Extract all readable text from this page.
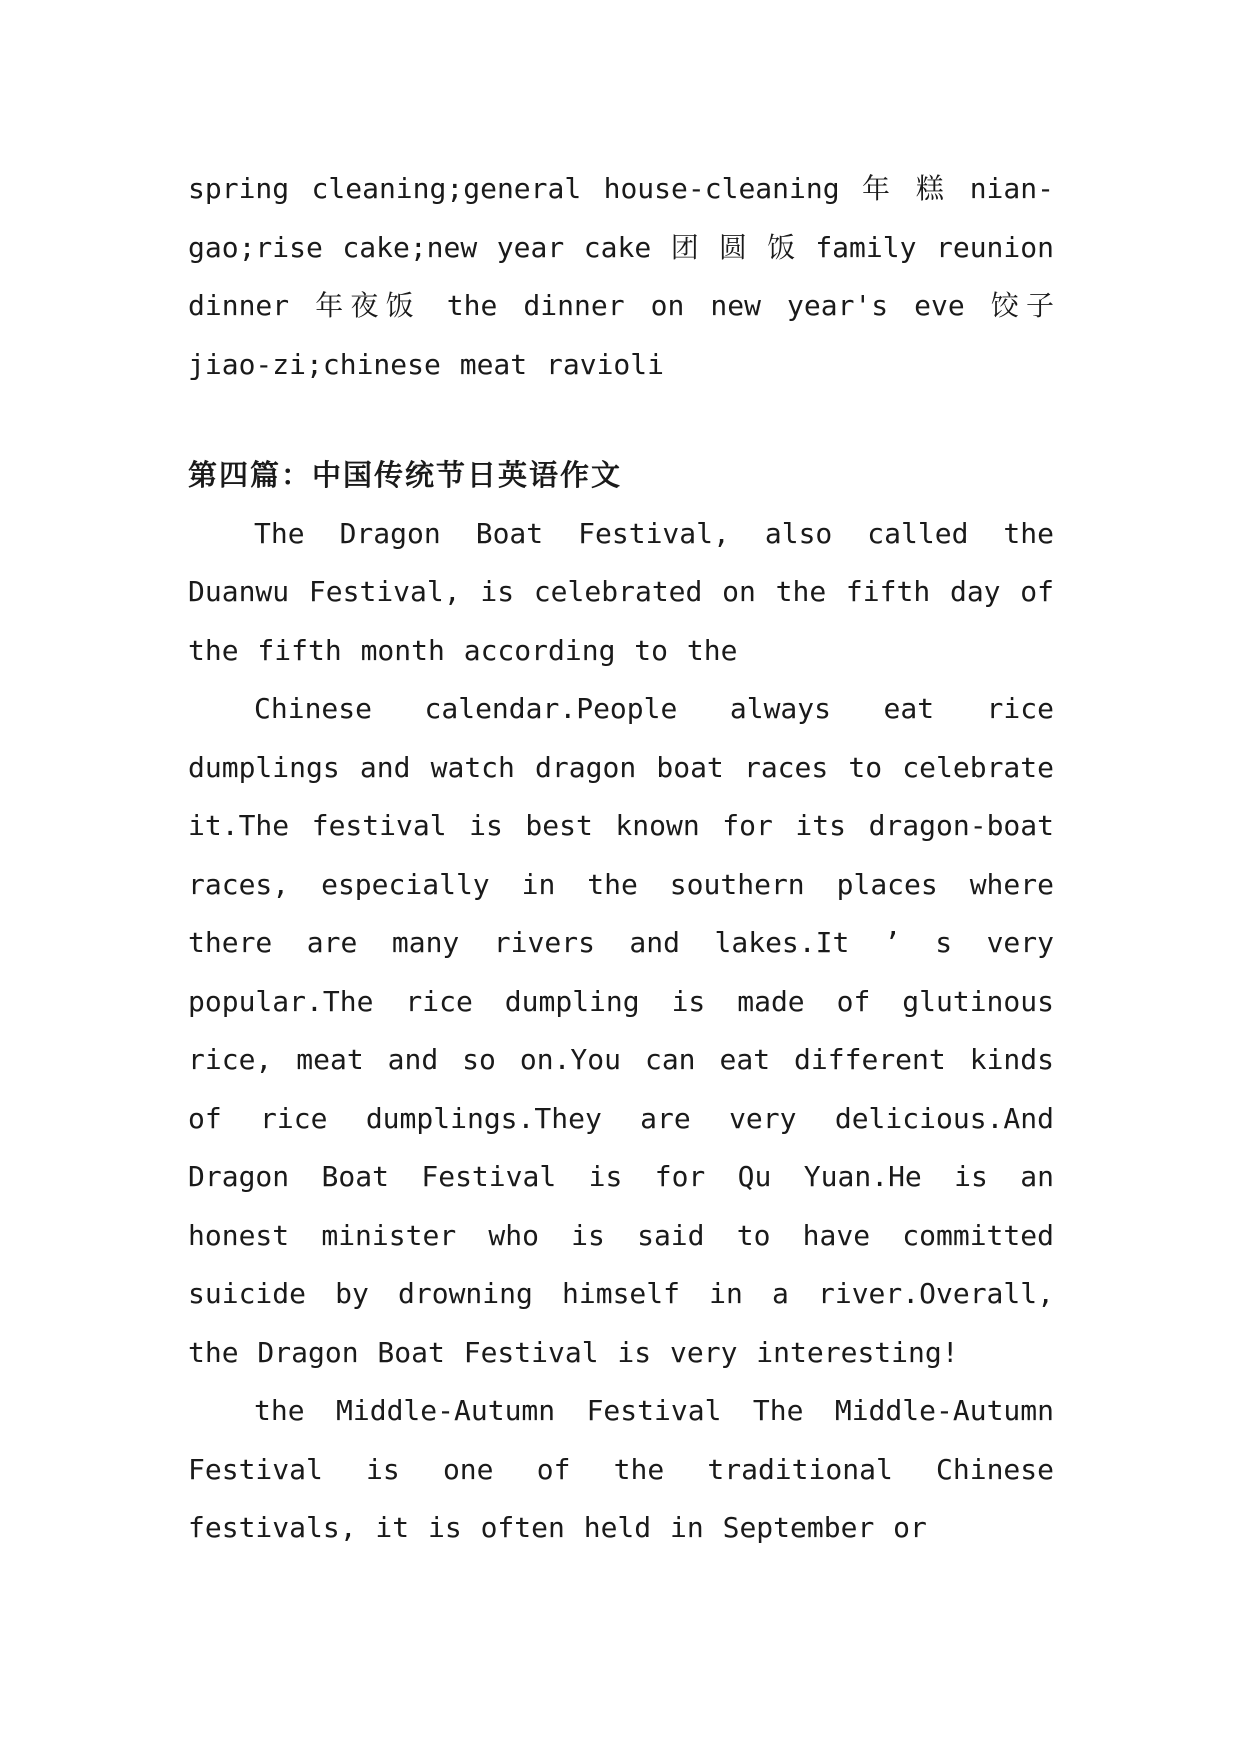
spring cleaning;general house-cleaning 年 糕 nian-gao;rise cake;new year cake 团 圆 饭 family reunion dinner 年夜饭 the dinner on new year's eve 饺子 jiao-zi;chinese meat ravioli

第四篇：中国传统节日英语作文

The Dragon Boat Festival, also called the Duanwu Festival, is celebrated on the fifth day of the fifth month according to the

Chinese calendar.People always eat rice dumplings and watch dragon boat races to celebrate it.The festival is best known for its dragon-boat races, especially in the southern places where there are many rivers and lakes.It ’ s very popular.The rice dumpling is made of glutinous rice, meat and so on.You can eat different kinds of rice dumplings.They are very delicious.And Dragon Boat Festival is for Qu Yuan.He is an honest minister who is said to have committed suicide by drowning himself in a river.Overall, the Dragon Boat Festival is very interesting!

the Middle-Autumn Festival The Middle-Autumn Festival is one of the traditional Chinese festivals, it is often held in September or
